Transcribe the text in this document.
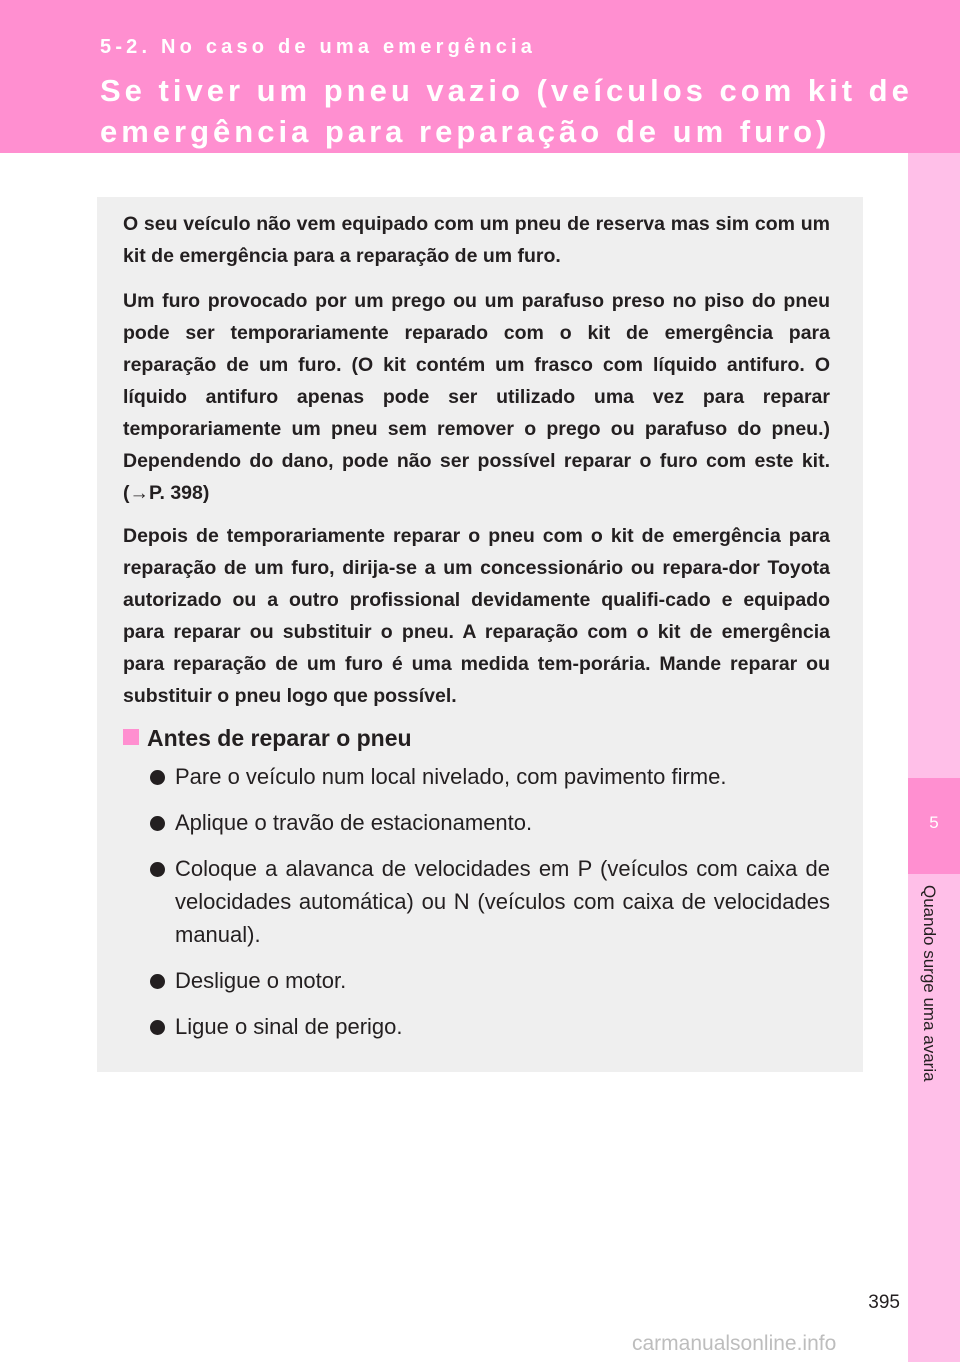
5-2. No caso de uma emergência
Se tiver um pneu vazio (veículos com kit de
emergência para reparação de um furo)
5
Quando surge uma avaria

O seu veículo não vem equipado com um pneu de reserva mas sim com um kit de emergência para a reparação de um furo.

Um furo provocado por um prego ou um parafuso preso no piso do pneu pode ser temporariamente reparado com o kit de emergência para reparação de um furo. (O kit contém um frasco com líquido antifuro. O líquido antifuro apenas pode ser utilizado uma vez para reparar temporariamente um pneu sem remover o prego ou parafuso do pneu.) Dependendo do dano, pode não ser possível reparar o furo com este kit. (→P. 398)

Depois de temporariamente reparar o pneu com o kit de emergência para reparação de um furo, dirija-se a um concessionário ou repara-dor Toyota autorizado ou a outro profissional devidamente qualifi-cado e equipado para reparar ou substituir o pneu. A reparação com o kit de emergência para reparação de um furo é uma medida tem-porária. Mande reparar ou substituir o pneu logo que possível.

Antes de reparar o pneu
Pare o veículo num local nivelado, com pavimento firme.
Aplique o travão de estacionamento.
Coloque a alavanca de velocidades em P (veículos com caixa de velocidades automática) ou N (veículos com caixa de velocidades manual).
Desligue o motor.
Ligue o sinal de perigo.
395
carmanualsonline.info
